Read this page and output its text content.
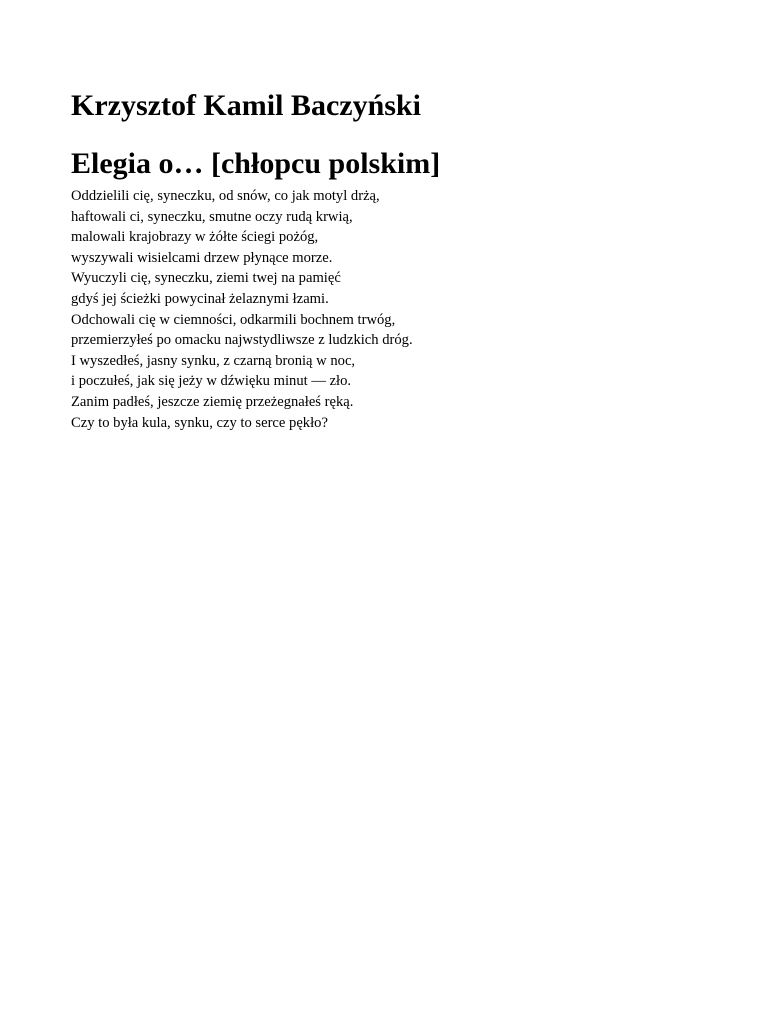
Krzysztof Kamil Baczyński
Elegia o… [chłopcu polskim]
Oddzielili cię, syneczku, od snów, co jak motyl drżą,
haftowali ci, syneczku, smutne oczy rudą krwią,
malowali krajobrazy w żółte ściegi pożóg,
wyszywali wisielcami drzew płynące morze.
Wyuczyli cię, syneczku, ziemi twej na pamięć
gdyś jej ścieżki powycinał żelaznymi łzami.
Odchowali cię w ciemności, odkarmili bochnem trwóg,
przemierzyłeś po omacku najwstydliwsze z ludzkich dróg.
I wyszedłeś, jasny synku, z czarną bronią w noc,
i poczułeś, jak się jeży w dźwięku minut — zło.
Zanim padłeś, jeszcze ziemię przeżegnałeś ręką.
Czy to była kula, synku, czy to serce pękło?
